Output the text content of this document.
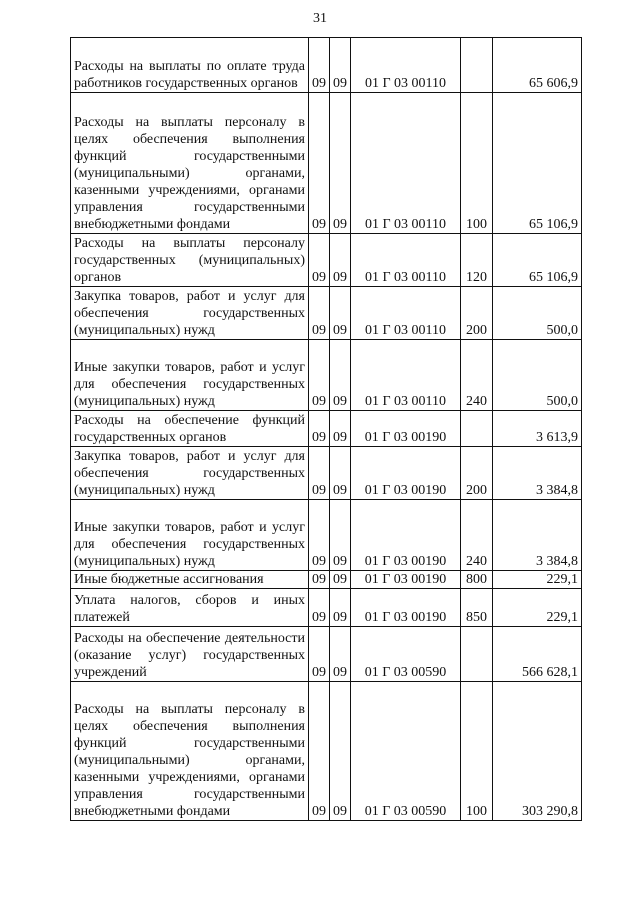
31
Расходы на выплаты по оплате труда работников государственных органов	09	09	01 Г 03 00110		65 606,9
Расходы на выплаты персоналу в целях обеспечения выполнения функций государственными (муниципальными) органами, казенными учреждениями, органами управления государственными внебюджетными фондами	09	09	01 Г 03 00110	100	65 106,9
Расходы на выплаты персоналу государственных (муниципальных) органов	09	09	01 Г 03 00110	120	65 106,9
Закупка товаров, работ и услуг для обеспечения государственных (муниципальных) нужд	09	09	01 Г 03 00110	200	500,0
Иные закупки товаров, работ и услуг для обеспечения государственных (муниципальных) нужд	09	09	01 Г 03 00110	240	500,0
Расходы на обеспечение функций государственных органов	09	09	01 Г 03 00190		3 613,9
Закупка товаров, работ и услуг для обеспечения государственных (муниципальных) нужд	09	09	01 Г 03 00190	200	3 384,8
Иные закупки товаров, работ и услуг для обеспечения государственных (муниципальных) нужд	09	09	01 Г 03 00190	240	3 384,8
Иные бюджетные ассигнования	09	09	01 Г 03 00190	800	229,1
Уплата налогов, сборов и иных платежей	09	09	01 Г 03 00190	850	229,1
Расходы на обеспечение деятельности (оказание услуг) государственных учреждений	09	09	01 Г 03 00590		566 628,1
Расходы на выплаты персоналу в целях обеспечения выполнения функций государственными (муниципальными) органами, казенными учреждениями, органами управления государственными внебюджетными фондами	09	09	01 Г 03 00590	100	303 290,8
